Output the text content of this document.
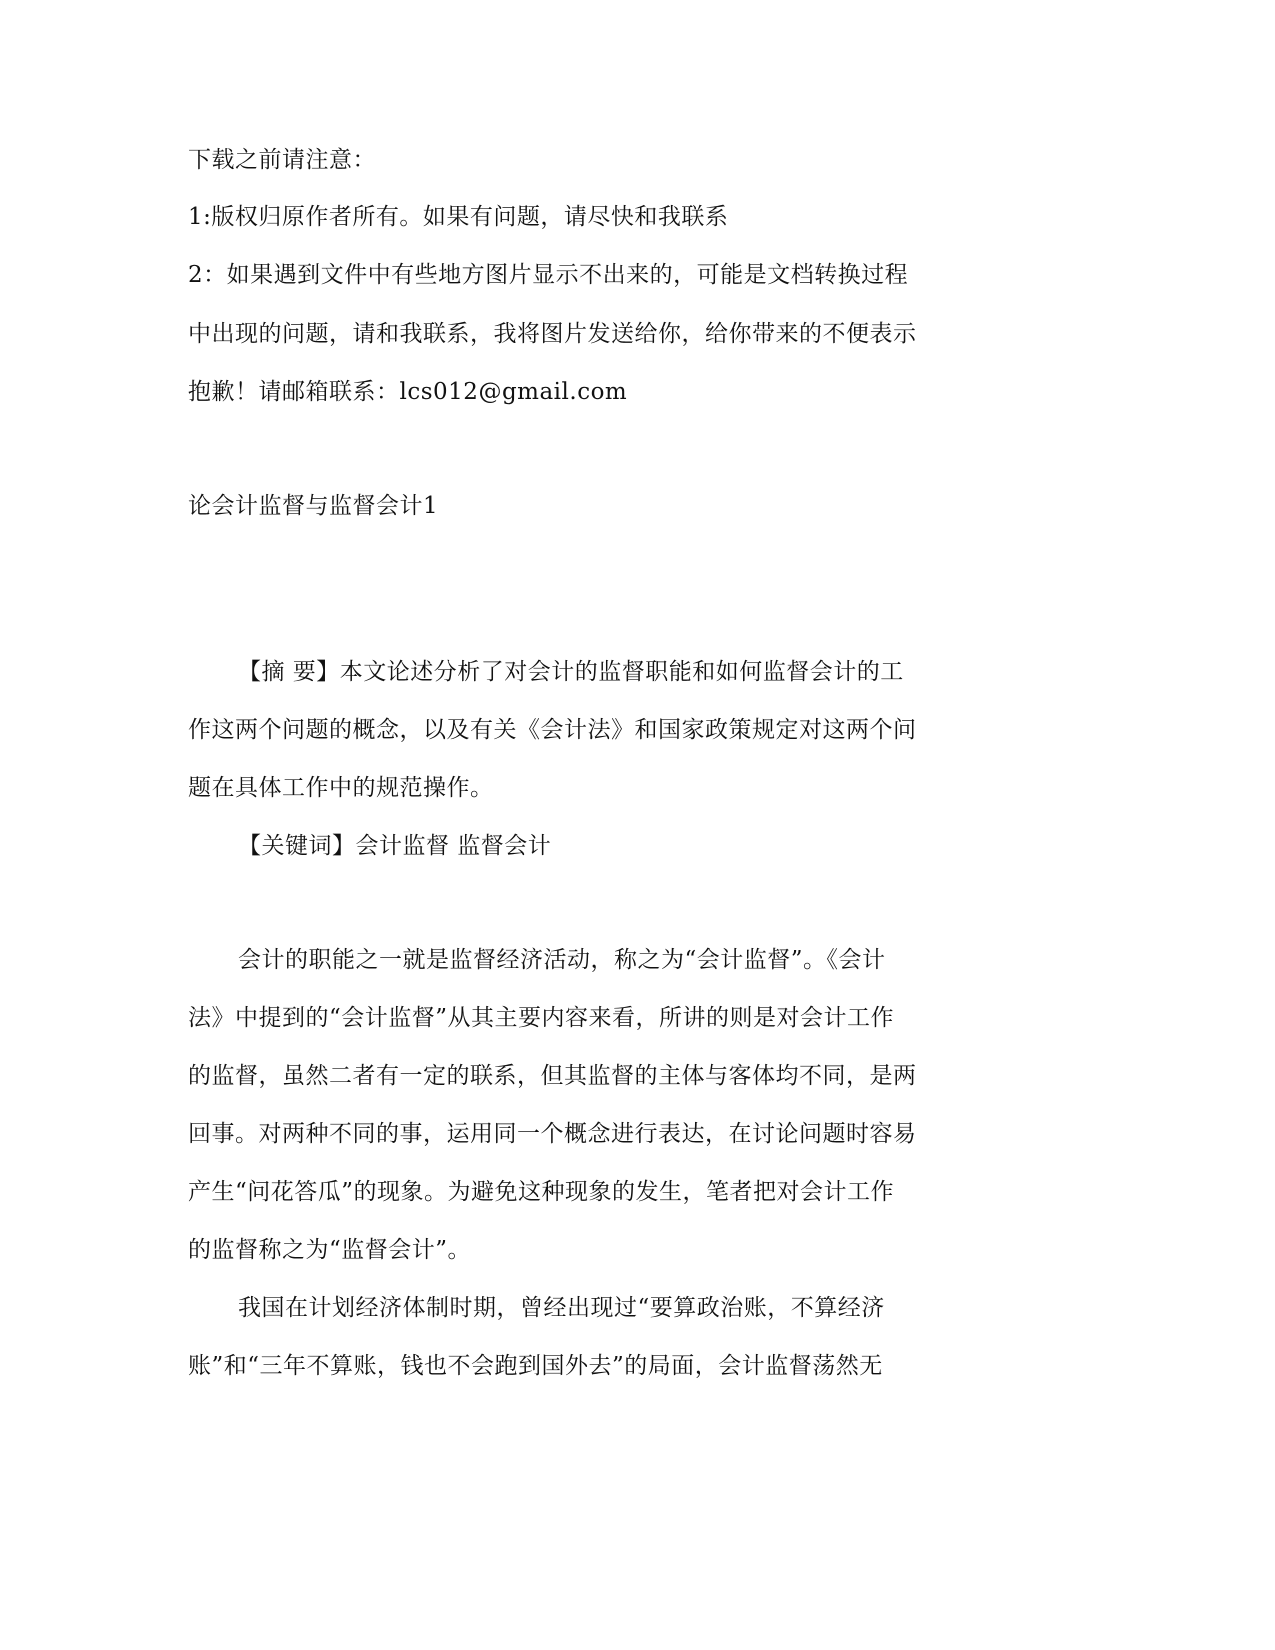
下载之前请注意：
1:版权归原作者所有。如果有问题，请尽快和我联系
2：如果遇到文件中有些地方图片显示不出来的，可能是文档转换过程
中出现的问题，请和我联系，我将图片发送给你，给你带来的不便表示
抱歉！请邮箱联系：lcs012@gmail.com
论会计监督与监督会计1
【摘 要】本文论述分析了对会计的监督职能和如何监督会计的工
作这两个问题的概念，以及有关《会计法》和国家政策规定对这两个问
题在具体工作中的规范操作。
【关键词】会计监督 监督会计
会计的职能之一就是监督经济活动，称之为“会计监督”。《会计
法》中提到的“会计监督”从其主要内容来看，所讲的则是对会计工作
的监督，虽然二者有一定的联系，但其监督的主体与客体均不同，是两
回事。对两种不同的事，运用同一个概念进行表达，在讨论问题时容易
产生“问花答瓜”的现象。为避免这种现象的发生，笔者把对会计工作
的监督称之为“监督会计”。
我国在计划经济体制时期，曾经出现过“要算政治账，不算经济
账”和“三年不算账，钱也不会跑到国外去”的局面，会计监督荡然无
